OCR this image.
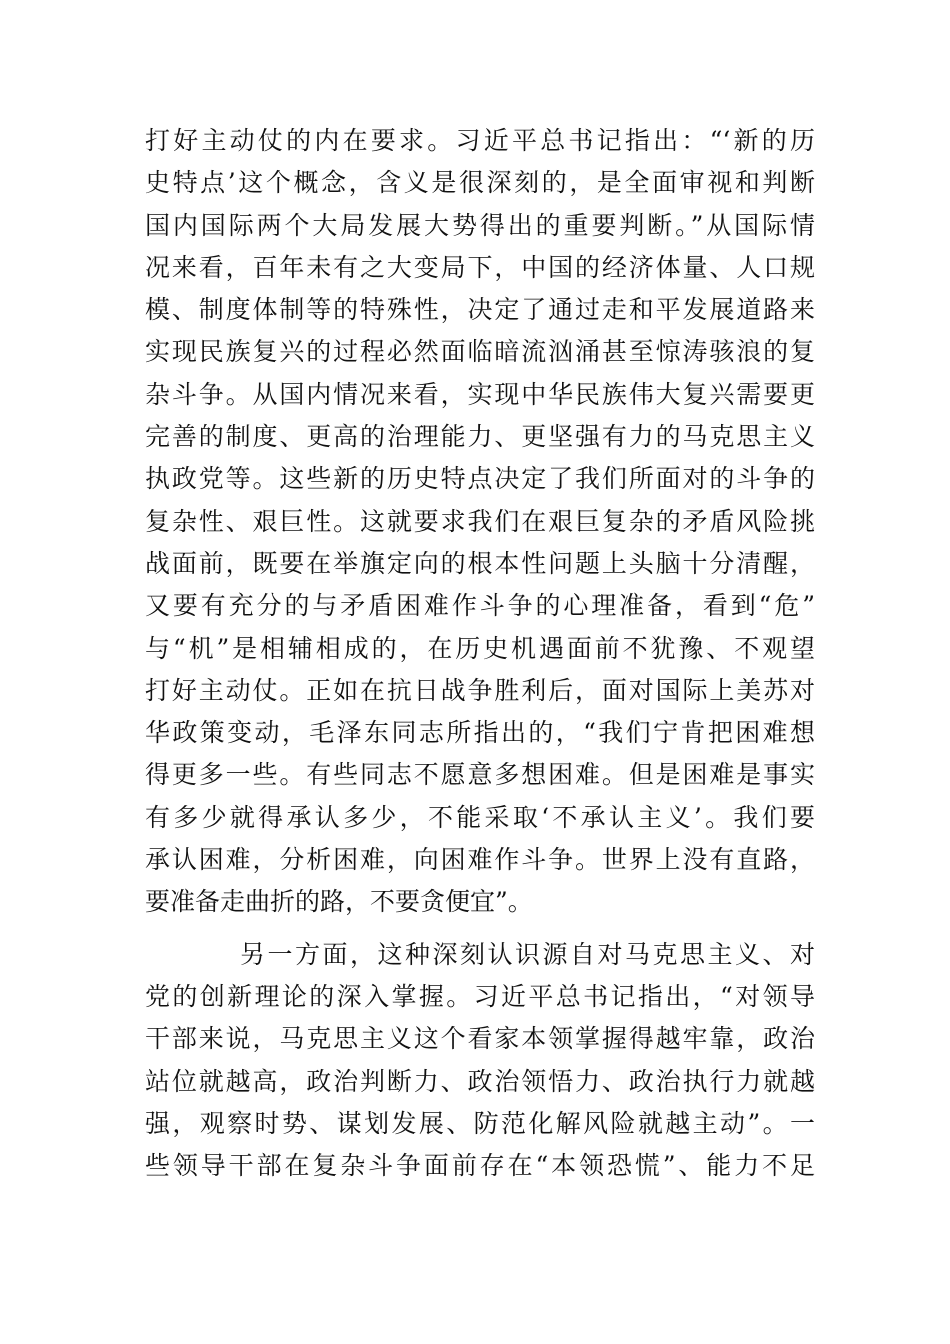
打好主动仗的内在要求。习近平总书记指出：“‘新的历
史特点’这个概念，含义是很深刻的，是全面审视和判断
国内国际两个大局发展大势得出的重要判断。”从国际情
况来看，百年未有之大变局下，中国的经济体量、人口规
模、制度体制等的特殊性，决定了通过走和平发展道路来
实现民族复兴的过程必然面临暗流汹涌甚至惊涛骇浪的复
杂斗争。从国内情况来看，实现中华民族伟大复兴需要更
完善的制度、更高的治理能力、更坚强有力的马克思主义
执政党等。这些新的历史特点决定了我们所面对的斗争的
复杂性、艰巨性。这就要求我们在艰巨复杂的矛盾风险挑
战面前，既要在举旗定向的根本性问题上头脑十分清醒，
又要有充分的与矛盾困难作斗争的心理准备，看到“危”
与“机”是相辅相成的，在历史机遇面前不犹豫、不观望
打好主动仗。正如在抗日战争胜利后，面对国际上美苏对
华政策变动，毛泽东同志所指出的，“我们宁肯把困难想
得更多一些。有些同志不愿意多想困难。但是困难是事实
有多少就得承认多少，不能采取‘不承认主义’。我们要
承认困难，分析困难，向困难作斗争。世界上没有直路，
要准备走曲折的路，不要贪便宜”。
另一方面，这种深刻认识源自对马克思主义、对
党的创新理论的深入掌握。习近平总书记指出，“对领导
干部来说，马克思主义这个看家本领掌握得越牢靠，政治
站位就越高，政治判断力、政治领悟力、政治执行力就越
强，观察时势、谋划发展、防范化解风险就越主动”。一
些领导干部在复杂斗争面前存在“本领恐慌”、能力不足
